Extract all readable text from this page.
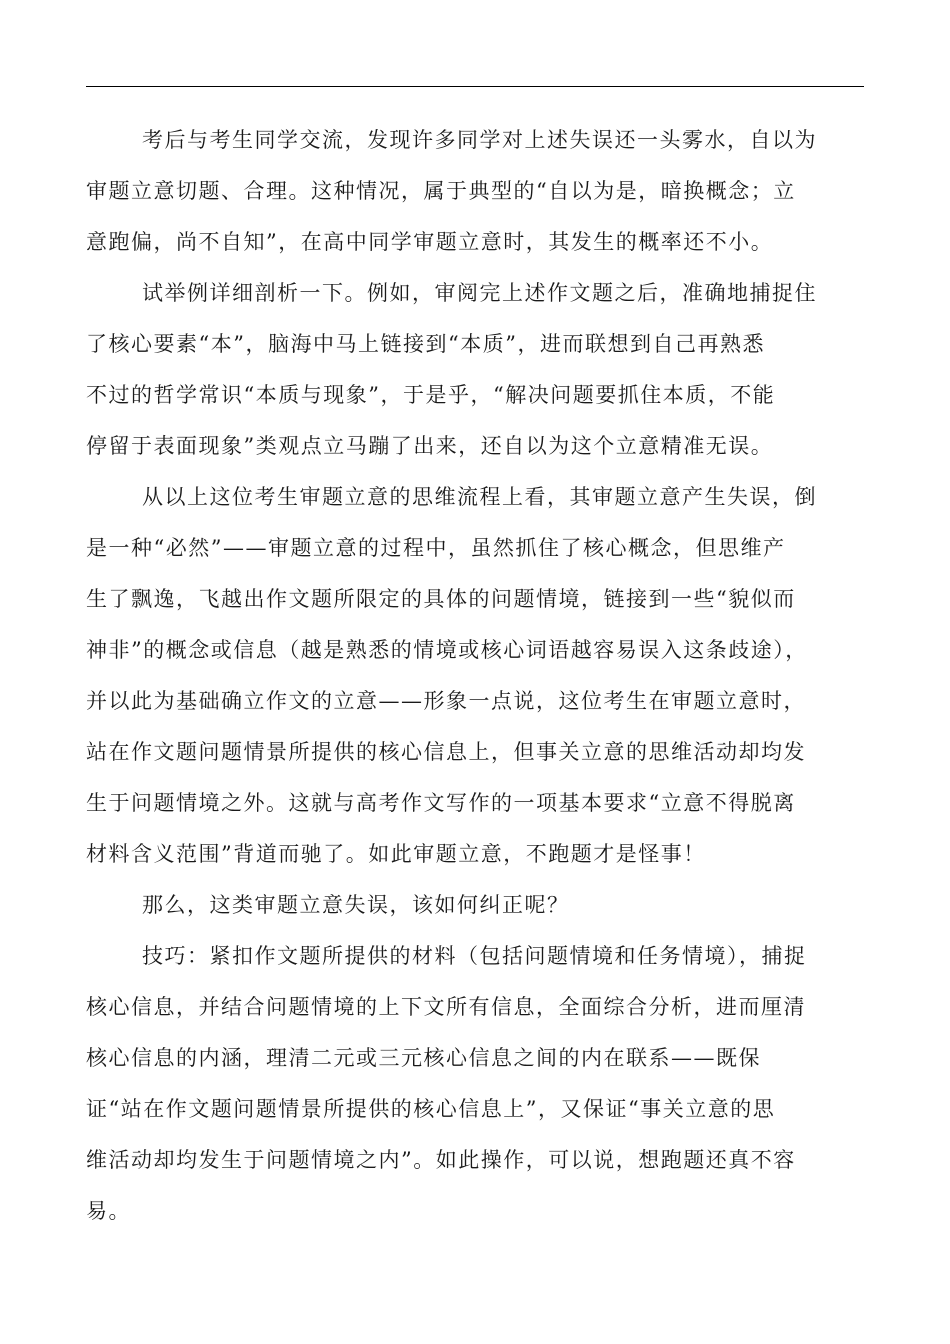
考后与考生同学交流，发现许多同学对上述失误还一头雾水，自以为
审题立意切题、合理。这种情况，属于典型的“自以为是，暗换概念；立
意跑偏，尚不自知”，在高中同学审题立意时，其发生的概率还不小。
试举例详细剖析一下。例如，审阅完上述作文题之后，准确地捕捉住
了核心要素“本”，脑海中马上链接到“本质”，进而联想到自己再熟悉
不过的哲学常识“本质与现象”，于是乎，“解决问题要抓住本质，不能
停留于表面现象”类观点立马蹦了出来，还自以为这个立意精准无误。
从以上这位考生审题立意的思维流程上看，其审题立意产生失误，倒
是一种“必然”——审题立意的过程中，虽然抓住了核心概念，但思维产
生了飘逸，飞越出作文题所限定的具体的问题情境，链接到一些“貌似而
神非”的概念或信息（越是熟悉的情境或核心词语越容易误入这条歧途），
并以此为基础确立作文的立意——形象一点说，这位考生在审题立意时，
站在作文题问题情景所提供的核心信息上，但事关立意的思维活动却均发
生于问题情境之外。这就与高考作文写作的一项基本要求“立意不得脱离
材料含义范围”背道而驰了。如此审题立意，不跑题才是怪事！
那么，这类审题立意失误，该如何纠正呢？
技巧：紧扣作文题所提供的材料（包括问题情境和任务情境），捕捉
核心信息，并结合问题情境的上下文所有信息，全面综合分析，进而厘清
核心信息的内涵，理清二元或三元核心信息之间的内在联系——既保
证“站在作文题问题情景所提供的核心信息上”，又保证“事关立意的思
维活动却均发生于问题情境之内”。如此操作，可以说，想跑题还真不容
易。
